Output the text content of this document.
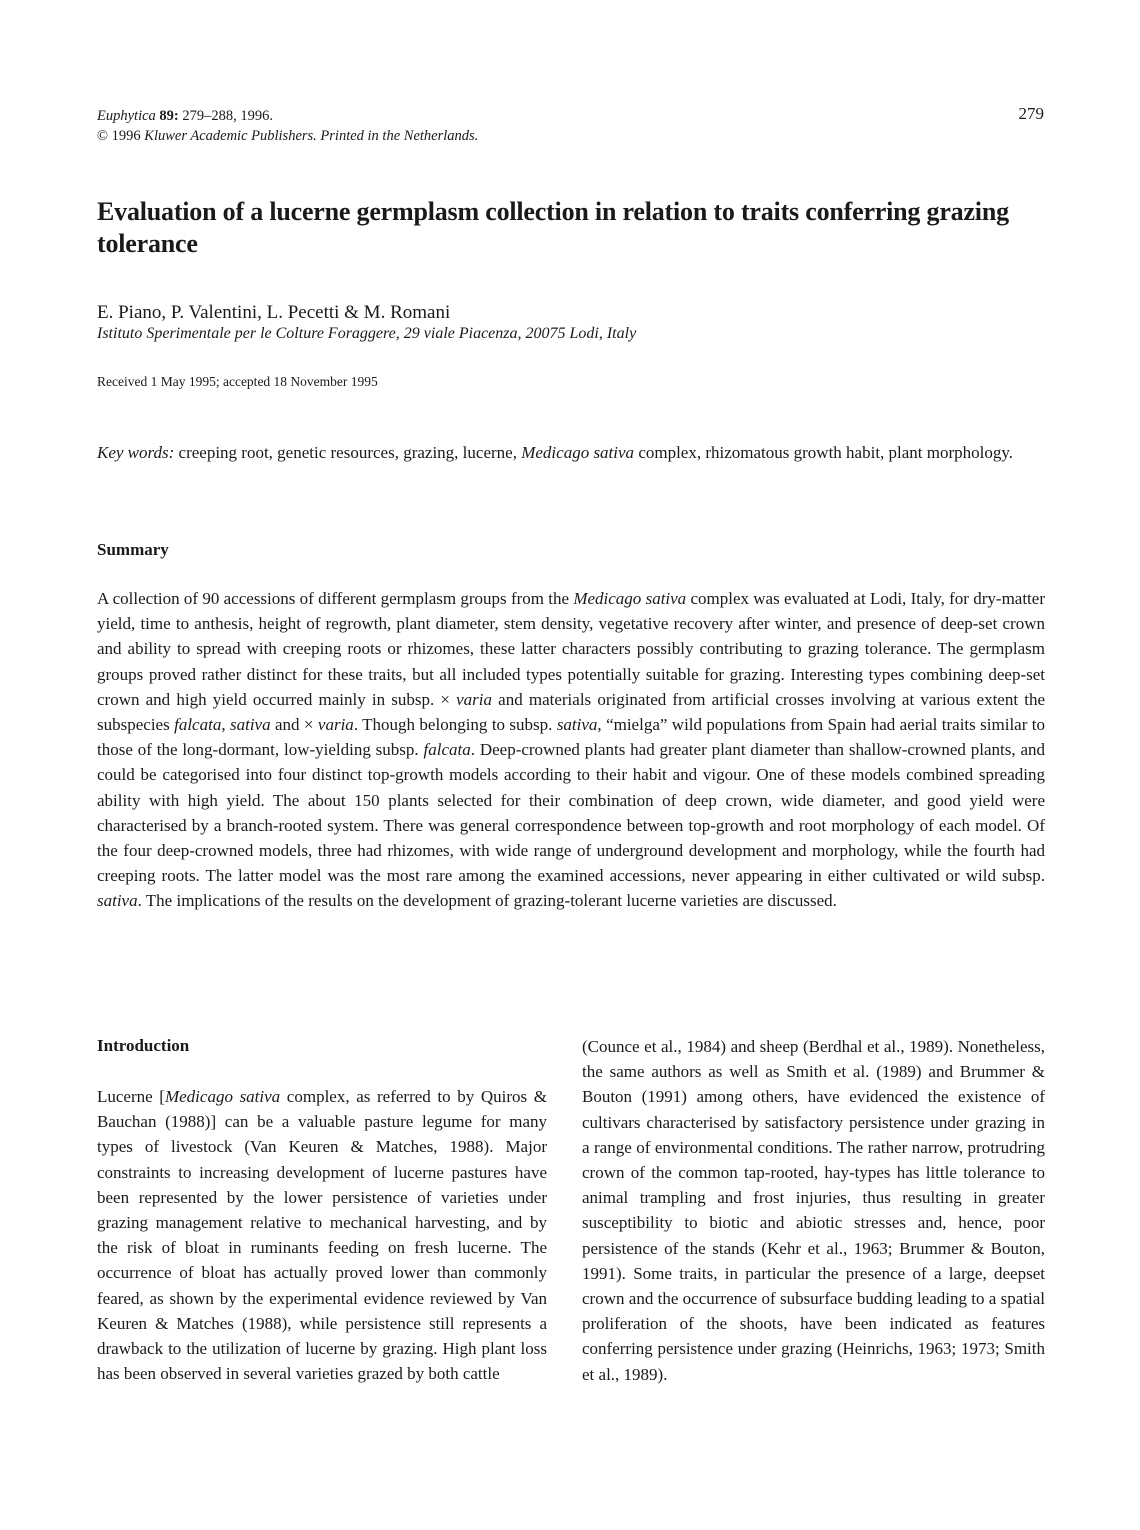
Euphytica 89: 279–288, 1996.
© 1996 Kluwer Academic Publishers. Printed in the Netherlands.
279
Evaluation of a lucerne germplasm collection in relation to traits conferring grazing tolerance
E. Piano, P. Valentini, L. Pecetti & M. Romani
Istituto Sperimentale per le Colture Foraggere, 29 viale Piacenza, 20075 Lodi, Italy
Received 1 May 1995; accepted 18 November 1995
Key words: creeping root, genetic resources, grazing, lucerne, Medicago sativa complex, rhizomatous growth habit, plant morphology.
Summary

A collection of 90 accessions of different germplasm groups from the Medicago sativa complex was evaluated at Lodi, Italy, for dry-matter yield, time to anthesis, height of regrowth, plant diameter, stem density, vegetative recovery after winter, and presence of deep-set crown and ability to spread with creeping roots or rhizomes, these latter characters possibly contributing to grazing tolerance. The germplasm groups proved rather distinct for these traits, but all included types potentially suitable for grazing. Interesting types combining deep-set crown and high yield occurred mainly in subsp. × varia and materials originated from artificial crosses involving at various extent the subspecies falcata, sativa and × varia. Though belonging to subsp. sativa, “mielga” wild populations from Spain had aerial traits similar to those of the long-dormant, low-yielding subsp. falcata. Deep-crowned plants had greater plant diameter than shallow-crowned plants, and could be categorised into four distinct top-growth models according to their habit and vigour. One of these models combined spreading ability with high yield. The about 150 plants selected for their combination of deep crown, wide diameter, and good yield were characterised by a branch-rooted system. There was general correspondence between top-growth and root morphology of each model. Of the four deep-crowned models, three had rhizomes, with wide range of underground development and morphology, while the fourth had creeping roots. The latter model was the most rare among the examined accessions, never appearing in either cultivated or wild subsp. sativa. The implications of the results on the development of grazing-tolerant lucerne varieties are discussed.

Introduction

Lucerne [Medicago sativa complex, as referred to by Quiros & Bauchan (1988)] can be a valuable pasture legume for many types of livestock (Van Keuren & Matches, 1988). Major constraints to increasing development of lucerne pastures have been represented by the lower persistence of varieties under grazing management relative to mechanical harvesting, and by the risk of bloat in ruminants feeding on fresh lucerne. The occurrence of bloat has actually proved lower than commonly feared, as shown by the experimental evidence reviewed by Van Keuren & Matches (1988), while persistence still represents a drawback to the utilization of lucerne by grazing. High plant loss has been observed in several varieties grazed by both cattle

(Counce et al., 1984) and sheep (Berdhal et al., 1989). Nonetheless, the same authors as well as Smith et al. (1989) and Brummer & Bouton (1991) among others, have evidenced the existence of cultivars characterised by satisfactory persistence under grazing in a range of environmental conditions. The rather narrow, protrudring crown of the common tap-rooted, hay-types has little tolerance to animal trampling and frost injuries, thus resulting in greater susceptibility to biotic and abiotic stresses and, hence, poor persistence of the stands (Kehr et al., 1963; Brummer & Bouton, 1991). Some traits, in particular the presence of a large, deepset crown and the occurrence of subsurface budding leading to a spatial proliferation of the shoots, have been indicated as features conferring persistence under grazing (Heinrichs, 1963; 1973; Smith et al., 1989).
